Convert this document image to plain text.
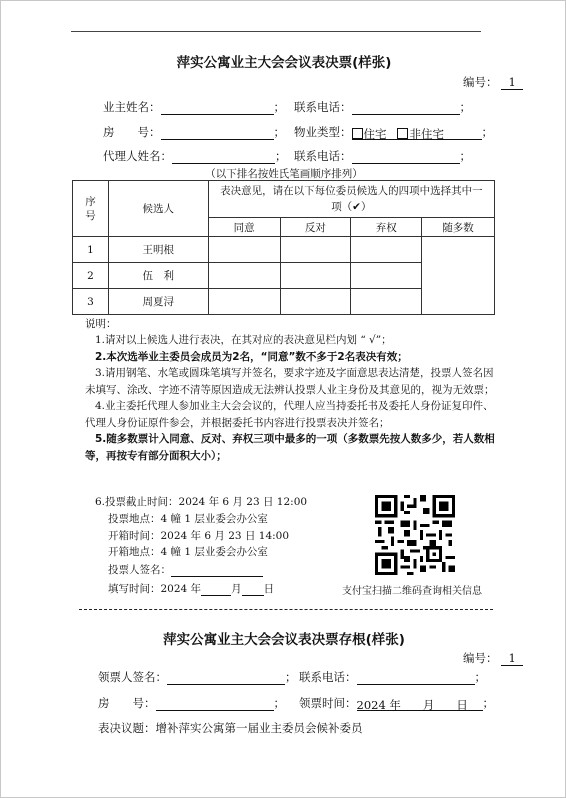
萍实公寓业主大会会议表决票(样张)
编号： 1
业主姓名：	； 联系电话：	；
房　　号：	； 物业类型： 住宅 非住宅	；
代理人姓名：	； 联系电话：	；
（以下排名按姓氏笔画顺序排列）
序号	候选人	表决意见，请在以下每位委员候选人的四项中选择其中一项（✔）			
		同意	反对	弃权	随多数
1	王明根				
2	伍　利				
3	周夏浔				
说明：
1.请对以上候选人进行表决，在其对应的表决意见栏内划 “ √”；
2.本次选举业主委员会成员为2名，“同意”数不多于2名表决有效；
3.请用钢笔、水笔或圆珠笔填写并签名，要求字迹及字面意思表达清楚，投票人签名因未填写、涂改、字迹不清等原因造成无法辨认投票人业主身份及其意见的，视为无效票；
4.业主委托代理人参加业主大会会议的，代理人应当持委托书及委托人身份证复印件、代理人身份证原件参会，并根据委托书内容进行投票表决并签名；
5.随多数票计入同意、反对、弃权三项中最多的一项（多数票先按人数多少，若人数相等，再按专有部分面积大小）；
6.投票截止时间：2024 年 6 月 23 日 12:00
投票地点：4 幢 1 层业委会办公室
开箱时间：2024 年 6 月 23 日 14:00
开箱地点：4 幢 1 层业委会办公室
投票人签名：
填写时间：2024 年	月 日	支付宝扫描二维码查询相关信息
萍实公寓业主大会会议表决票存根(样张)
编号： 1
领票人签名：	； 联系电话：	；
房　　号：	； 领票时间：2024 年 月 日 ；
表决议题：增补萍实公寓第一届业主委员会候补委员
